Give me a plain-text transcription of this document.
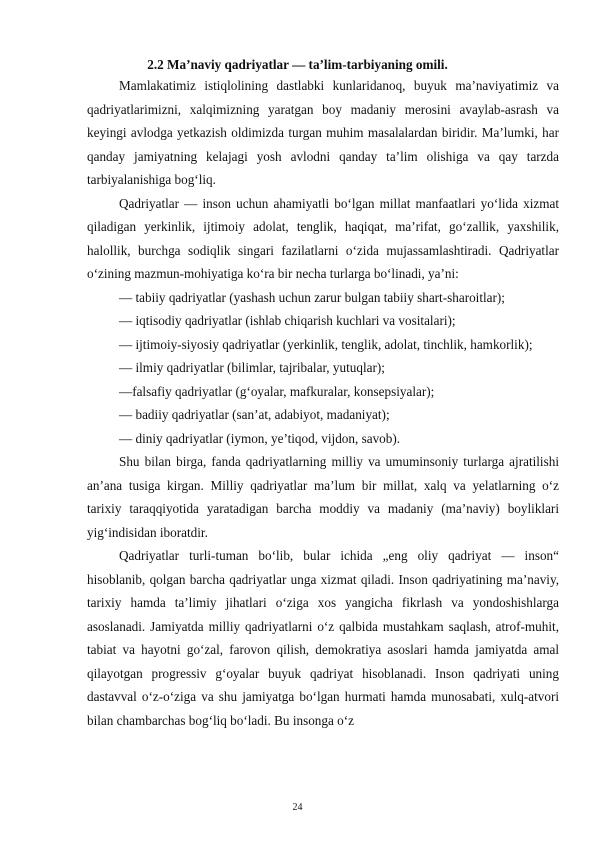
2.2 Ma’naviy qadriyatlar — ta’lim-tarbiyaning omili.

Mamlakatimiz istiqlolining dastlabki kunlaridanoq, buyuk ma’naviyatimiz va qadriyatlarimizni, xalqimizning yaratgan boy madaniy merosini avaylab-asrash va keyingi avlodga yetkazish oldimizda turgan muhim masalalardan biridir. Ma’lumki, har qanday jamiyatning kelajagi yosh avlodni qanday ta’lim olishiga va qay tarzda tarbiyalanishiga bog‘liq.

Qadriyatlar — inson uchun ahamiyatli bo‘lgan millat manfaatlari yo‘lida xizmat qiladigan yerkinlik, ijtimoiy adolat, tenglik, haqiqat, ma’rifat, go‘zallik, yaxshilik, halollik, burchga sodiqlik singari fazilatlarni o‘zida mujassamlashtiradi. Qadriyatlar o‘zining mazmun-mohiyatiga ko‘ra bir necha turlarga bo‘linadi, ya’ni:

— tabiiy qadriyatlar (yashash uchun zarur bulgan tabiiy shart-sharoitlar);

— iqtisodiy qadriyatlar (ishlab chiqarish kuchlari va vositalari);

— ijtimoiy-siyosiy qadriyatlar (yerkinlik, tenglik, adolat, tinchlik, hamkorlik);

— ilmiy qadriyatlar (bilimlar, tajribalar, yutuqlar);

—falsafiy qadriyatlar (g‘oyalar, mafkuralar, konsepsiyalar);

— badiiy qadriyatlar (san’at, adabiyot, madaniyat);

— diniy qadriyatlar (iymon, ye’tiqod, vijdon, savob).

Shu bilan birga, fanda qadriyatlarning milliy va umuminsoniy turlarga ajratilishi an’ana tusiga kirgan. Milliy qadriyatlar ma’lum bir millat, xalq va yelatlarning o‘z tarixiy taraqqiyotida yaratadigan barcha moddiy va madaniy (ma’naviy) boyliklari yig‘indisidan iboratdir.

Qadriyatlar turli-tuman bo‘lib, bular ichida „eng oliy qadriyat — inson“ hisoblanib, qolgan barcha qadriyatlar unga xizmat qiladi. Inson qadriyatining ma’naviy, tarixiy hamda ta’limiy jihatlari o‘ziga xos yangicha fikrlash va yondoshishlarga asoslanadi. Jamiyatda milliy qadriyatlarni o‘z qalbida mustahkam saqlash, atrof-muhit, tabiat va hayotni go‘zal, farovon qilish, demokratiya asoslari hamda jamiyatda amal qilayotgan progressiv g‘oyalar buyuk qadriyat hisoblanadi. Inson qadriyati uning dastavval o‘z-o‘ziga va shu jamiyatga bo‘lgan hurmati hamda munosabati, xulq-atvori bilan chambarchas bog‘liq bo‘ladi. Bu insonga o‘z

24
